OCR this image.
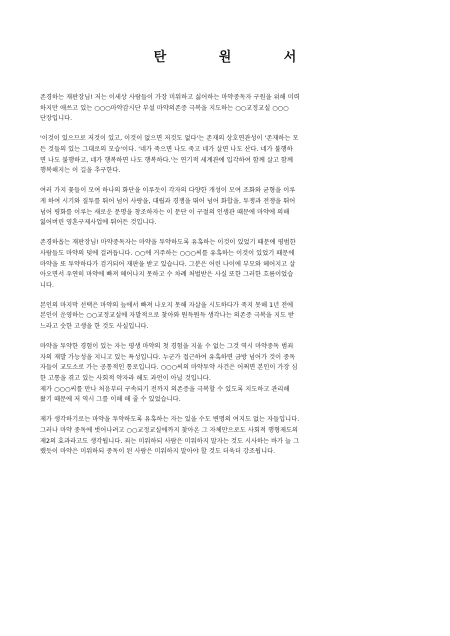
탄 원 서

존경하는 재판장님! 저는 이세상 사람들이 가장 미워하고 싫어하는 마약중독자 구원을 위해 미력
하지만 애쓰고 있는 ○○○마약감시단 부설 마약의존증 극복을 지도하는 ○○교정교실 ○○○
단장입니다.

'이것이 있으므로 저것이 있고, 이것이 없으면 저것도 없다'는 존재의 상호연관성이 '존재하는 모
든 것들의 있는 그대로의 모습'이다. '네가 죽으면 나도 죽고 네가 살면 나도 산다. 네가 불행하
면 나도 불행하고, 네가 행복하면 나도 행복하다.'는 연기적 세계관에 입각하여 함께 살고 함께
행복해지는 이 길을 추구한다.

여러 가지 꽃들이 모여 하나의 화단을 이루듯이 각자의 다양한 개성이 모여 조화와 균형을 이루
게 하여 시기와 질투를 뛰어 넘어 사랑을, 대립과 경쟁을 뛰어 넘어 화합을, 투쟁과 전쟁을 뛰어
넘어 평화를 이루는 새로운 문명을 창조하자는 이 문단 이 구절의 인생관 때문에 마약에 의해
잃어버린 영혼구제사업에 뛰어든 것입니다.

존경하옵는 재판장님! 마약중독자는 마약을 투약하도록 유혹하는 이것이 있었기 때문에 평범한
사람들도 마약의 덫에 걸려듭니다. ○○에 거주하는 ○○○씨를 유혹하는 이것이 있었기 때문에
마약을 또 투약하다가 검거되어 재판을 받고 있습니다. 그분은 어린 나이에 부모와 헤어지고 살
아오면서 우연히 마약에 빠져 헤어나지 못하고 수 차례 처벌받은 사실 또한 그러한 흐름이었습
니다.

본인의 마지막 선택은 마약의 늪에서 빠져 나오지 못해 자살을 시도하다가 죽지 못해 1년 전에
본인이 운영하는 ○○교정교실에 자발적으로 찾아와 뭔득뭔득 생각나는 의존증 극복을 지도 받
느라고 숫한 고생을 한 것도 사실입니다.

마약을 투약한 경험이 있는 자는 평생 마약의 첫 경험을 지울 수 없는 그것 역시 마약중독 범죄
자의 재발 가능성을 지니고 있는 특성입니다. 누군가 접근하여 유혹하면 금방 넘어가 것이 중독
자들이 교도소로 가는 공통적인 통로입니다. ○○○씨의 마약투약 사건은 어쩌면 본인이 가장 심
한 고통을 겪고 있는 사회적 약자라 해도 과언이 아닐 것입니다.
제가 ○○○씨를 만나 처음부터 구속되기 전까지 의존증을 극복할 수 있도록 지도하고 관리해
왔기 때문에 저 역시 그를 이해 해 줄 수 있었습니다.

제가 생각하기로는 마약을 투약하도록 유혹하는 자는 있을 수도 변명의 여지도 없는 자들입니다.
그러나 마약 중독에 벗어나려고 ○○교정교실에까지 찾아온 그 자체만으로도 사회적 행형제도의
제2의 효과라고도 생각됩니다. 죄는 미워하되 사람은 미워하지 말자는 것도 시사하는 바가 늘 그
랬듯이 마약은 미워하되 중독이 된 사람은 미워하지 말아야 할 것도 더욱더 강조됩니다.
